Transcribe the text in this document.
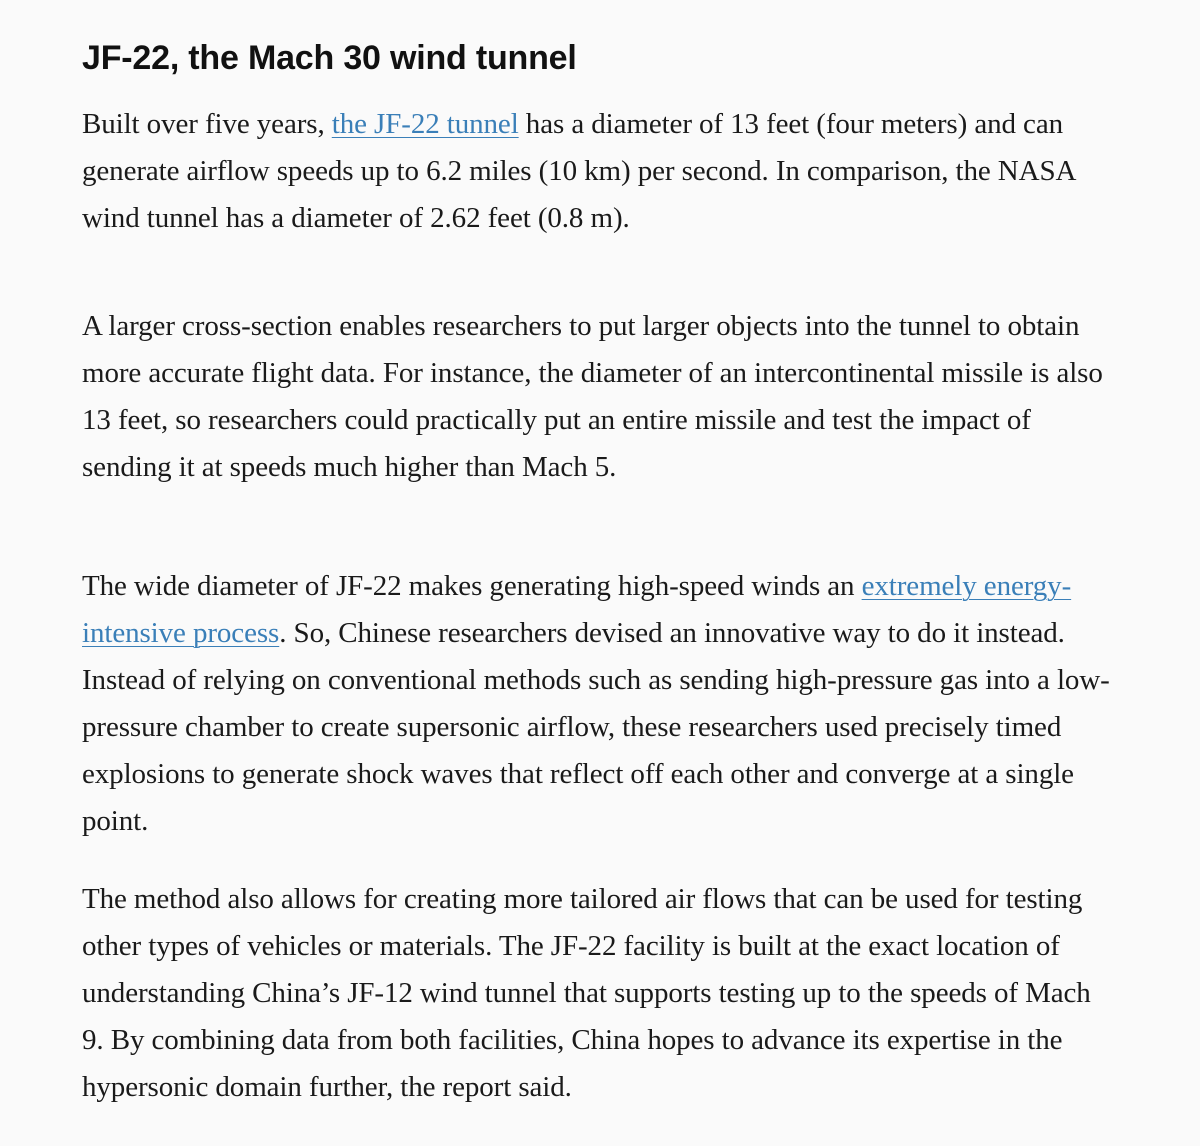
JF-22, the Mach 30 wind tunnel

Built over five years, the JF-22 tunnel has a diameter of 13 feet (four meters) and can generate airflow speeds up to 6.2 miles (10 km) per second. In comparison, the NASA wind tunnel has a diameter of 2.62 feet (0.8 m).

A larger cross-section enables researchers to put larger objects into the tunnel to obtain more accurate flight data. For instance, the diameter of an intercontinental missile is also 13 feet, so researchers could practically put an entire missile and test the impact of sending it at speeds much higher than Mach 5.

The wide diameter of JF-22 makes generating high-speed winds an extremely energy-intensive process. So, Chinese researchers devised an innovative way to do it instead. Instead of relying on conventional methods such as sending high-pressure gas into a low-pressure chamber to create supersonic airflow, these researchers used precisely timed explosions to generate shock waves that reflect off each other and converge at a single point.

The method also allows for creating more tailored air flows that can be used for testing other types of vehicles or materials. The JF-22 facility is built at the exact location of understanding China’s JF-12 wind tunnel that supports testing up to the speeds of Mach 9. By combining data from both facilities, China hopes to advance its expertise in the hypersonic domain further, the report said.
